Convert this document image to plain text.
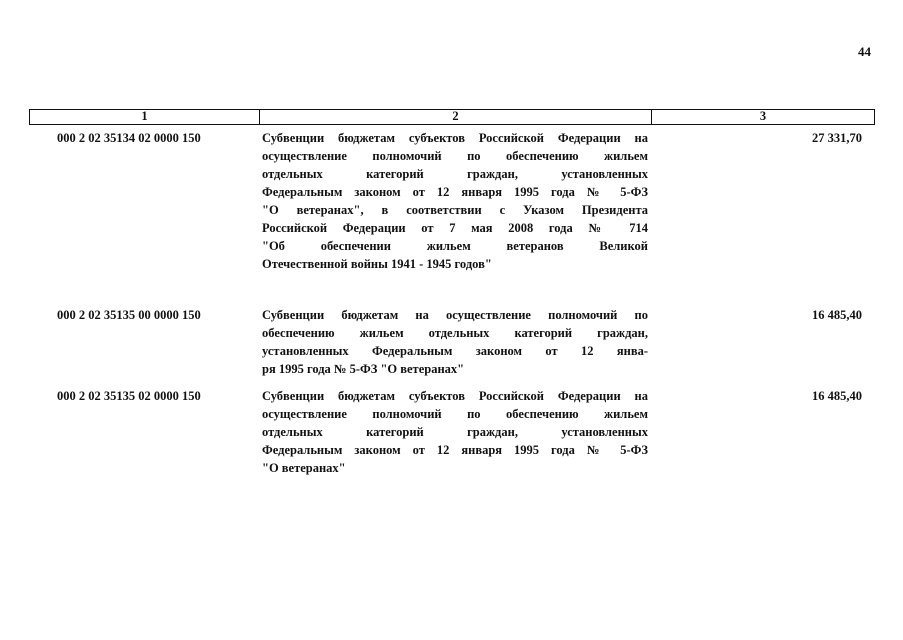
44
1	2	3
000 2 02 35134 02 0000 150	Субвенции бюджетам субъектов Российской Федерации на
осуществление полномочий по обеспечению жильем
отдельных категорий граждан, установленных
Федеральным законом от 12 января 1995 года № 5-ФЗ
"О ветеранах", в соответствии с Указом Президента
Российской Федерации от 7 мая 2008 года № 714
"Об обеспечении жильем ветеранов Великой
Отечественной войны 1941 - 1945 годов"
27 331,70
000 2 02 35135 00 0000 150	Субвенции бюджетам на осуществление полномочий по
обеспечению жильем отдельных категорий граждан,
установленных Федеральным законом от 12 янва-
ря 1995 года № 5-ФЗ "О ветеранах"
16 485,40
000 2 02 35135 02 0000 150	Субвенции бюджетам субъектов Российской Федерации на
осуществление полномочий по обеспечению жильем
отдельных категорий граждан, установленных
Федеральным законом от 12 января 1995 года № 5-ФЗ
"О ветеранах"
16 485,40
